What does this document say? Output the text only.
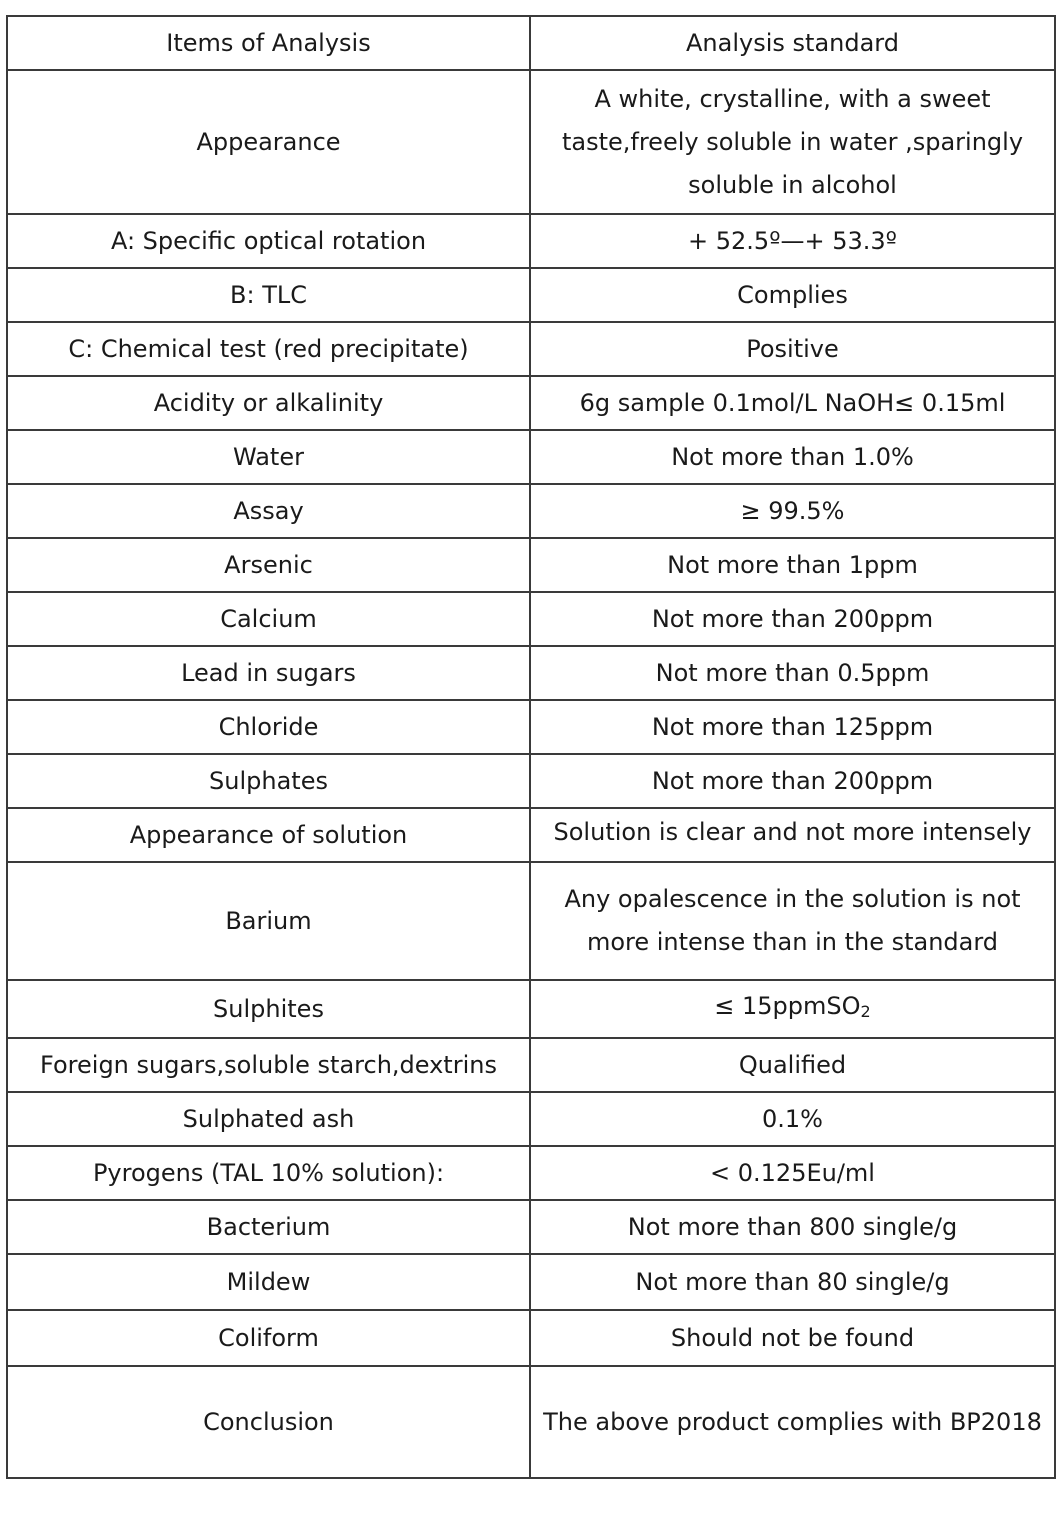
Items of Analysis	Analysis standard
Appearance	A white, crystalline, with a sweet
taste,freely soluble in water ,sparingly
soluble in alcohol

A: Specific optical rotation	+ 52.5º—+ 53.3º
B: TLC	Complies
C: Chemical test (red precipitate)	Positive
Acidity or alkalinity	6g sample 0.1mol/L NaOH≤ 0.15ml
Water	Not more than 1.0%
Assay	≥ 99.5%
Arsenic	Not more than 1ppm
Calcium	Not more than 200ppm
Lead in sugars	Not more than 0.5ppm
Chloride	Not more than 125ppm
Sulphates	Not more than 200ppm
Appearance of solution	Solution is clear and not more intensely
Barium	Any opalescence in the solution is not
more intense than in the standard

Sulphites	≤ 15ppmSO2
Foreign sugars,soluble starch,dextrins	Qualified
Sulphated ash	0.1%
Pyrogens (TAL 10% solution):	< 0.125Eu/ml
Bacterium	Not more than 800 single/g
Mildew	Not more than 80 single/g
Coliform	Should not be found
Conclusion	The above product complies with BP2018
